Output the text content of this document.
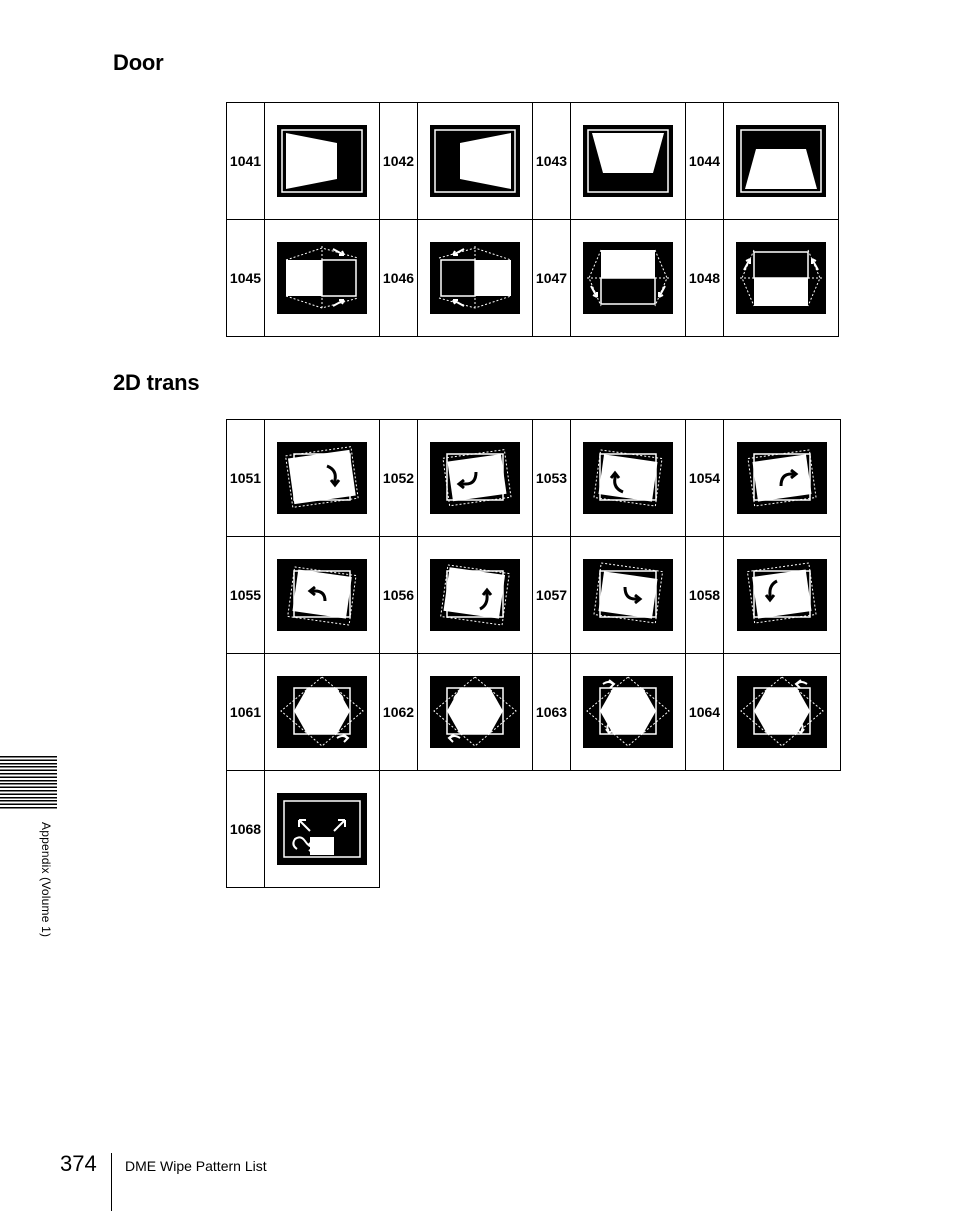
Door
1041		1042		1043		1044	

1045		1046		1047		1048	
2D trans
1051		1052		1053		1054	

1055		1056		1057		1058	

1061		1062		1063		1064	

1068	

Appendix (Volume 1)
374 DME Wipe Pattern List
